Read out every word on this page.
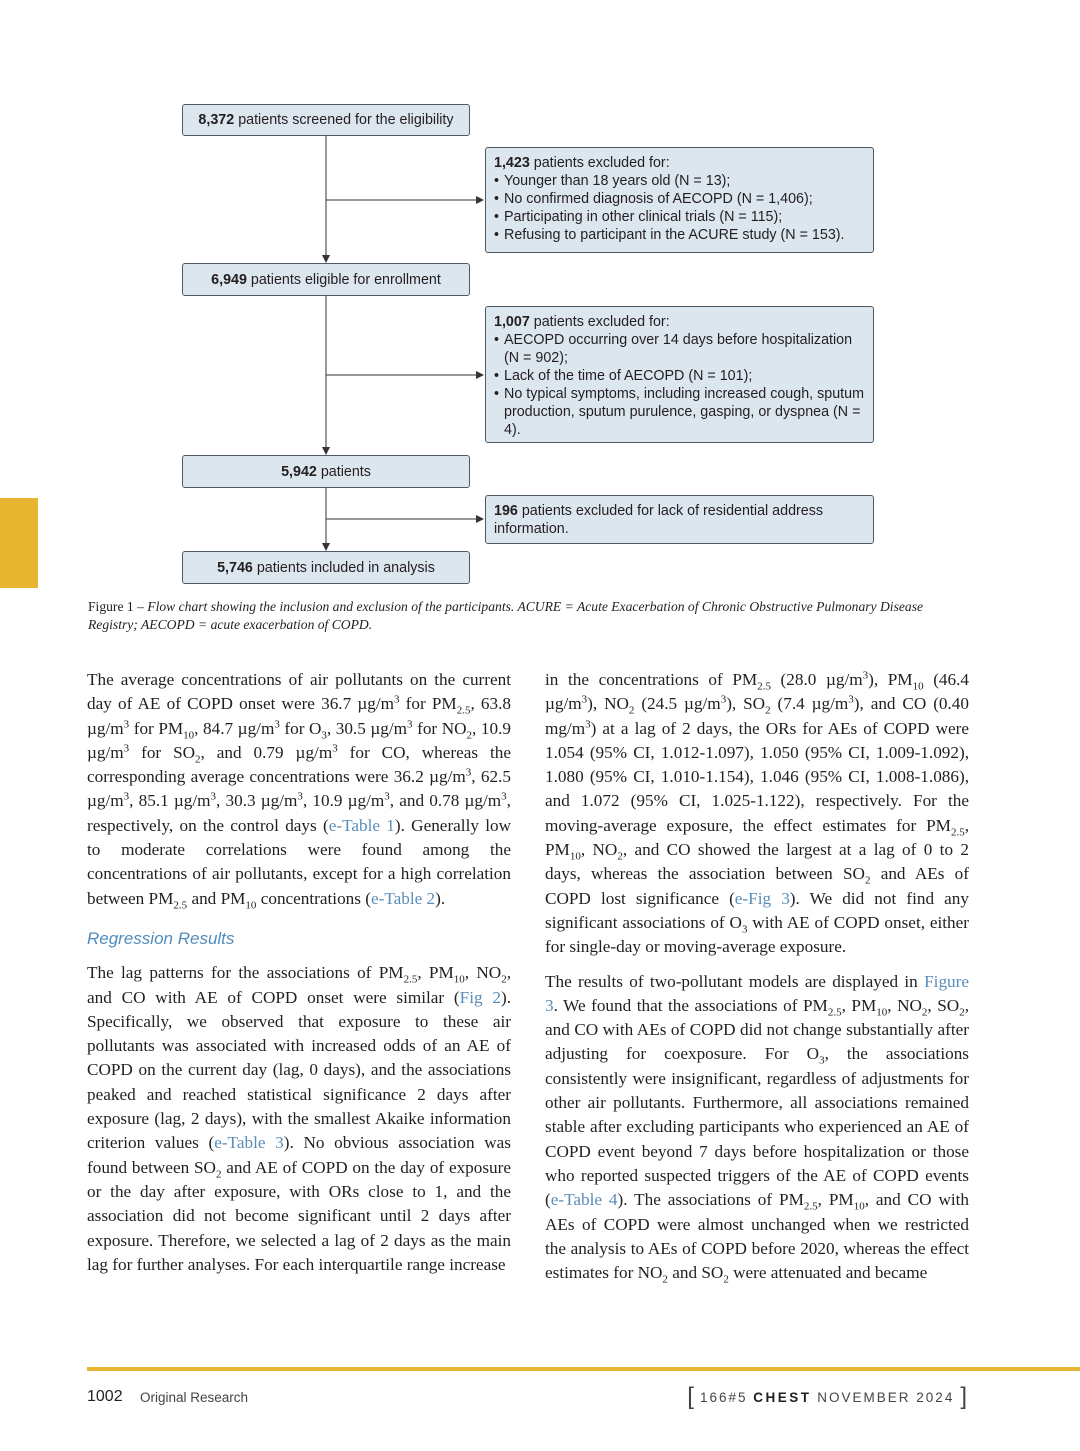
8,372 patients screened for the eligibility
1,423 patients excluded for:
• Younger than 18 years old (N = 13);
• No confirmed diagnosis of AECOPD (N = 1,406);
• Participating in other clinical trials (N = 115);
• Refusing to participant in the ACURE study (N = 153).
6,949 patients eligible for enrollment
1,007 patients excluded for:
• AECOPD occurring over 14 days before hospitalization (N = 902);
• Lack of the time of AECOPD (N = 101);
• No typical symptoms, including increased cough, sputum production, sputum purulence, gasping, or dyspnea (N = 4).
5,942 patients
196 patients excluded for lack of residential address information.
5,746 patients included in analysis
Figure 1 – Flow chart showing the inclusion and exclusion of the participants. ACURE = Acute Exacerbation of Chronic Obstructive Pulmonary Disease Registry; AECOPD = acute exacerbation of COPD.

The average concentrations of air pollutants on the current day of AE of COPD onset were 36.7 $\mu g/m^3$ for $PM_{2.5}$, 63.8 $\mu g/m^3$ for $PM_{10}$, 84.7 $\mu g/m^3$ for $O_3$, 30.5 $\mu g/m^3$ for $NO_2$, 10.9 $\mu g/m^3$ for $SO_2$, and 0.79 $\mu g/m^3$ for CO, whereas the corresponding average concentrations were 36.2 $\mu g/m^3$, 62.5 $\mu g/m^3$, 85.1 $\mu g/m^3$, 30.3 $\mu g/m^3$, 10.9 $\mu g/m^3$, and 0.78 $\mu g/m^3$, respectively, on the control days (e-Table 1). Generally low to moderate correlations were found among the concentrations of air pollutants, except for a high correlation between $PM_{2.5}$ and $PM_{10}$ concentrations (e-Table 2).

Regression Results

The lag patterns for the associations of $PM_{2.5}$, $PM_{10}$, $NO_2$, and CO with AE of COPD onset were similar (Fig 2). Specifically, we observed that exposure to these air pollutants was associated with increased odds of an AE of COPD on the current day (lag, 0 days), and the associations peaked and reached statistical significance 2 days after exposure (lag, 2 days), with the smallest Akaike information criterion values (e-Table 3). No obvious association was found between $SO_2$ and AE of COPD on the day of exposure or the day after exposure, with ORs close to 1, and the association did not become significant until 2 days after exposure. Therefore, we selected a lag of 2 days as the main lag for further analyses. For each interquartile range increase

in the concentrations of $PM_{2.5}$ (28.0 $\mu g/m^3$), $PM_{10}$ (46.4 $\mu g/m^3$), $NO_2$ (24.5 $\mu g/m^3$), $SO_2$ (7.4 $\mu g/m^3$), and CO (0.40 $mg/m^3$) at a lag of 2 days, the ORs for AEs of COPD were 1.054 (95% CI, 1.012-1.097), 1.050 (95% CI, 1.009-1.092), 1.080 (95% CI, 1.010-1.154), 1.046 (95% CI, 1.008-1.086), and 1.072 (95% CI, 1.025-1.122), respectively. For the moving-average exposure, the effect estimates for $PM_{2.5}$, $PM_{10}$, $NO_2$, and CO showed the largest at a lag of 0 to 2 days, whereas the association between $SO_2$ and AEs of COPD lost significance (e-Fig 3). We did not find any significant associations of $O_3$ with AE of COPD onset, either for single-day or moving-average exposure.

The results of two-pollutant models are displayed in Figure 3. We found that the associations of $PM_{2.5}$, $PM_{10}$, $NO_2$, $SO_2$, and CO with AEs of COPD did not change substantially after adjusting for coexposure. For $O_3$, the associations consistently were insignificant, regardless of adjustments for other air pollutants. Furthermore, all associations remained stable after excluding participants who experienced an AE of COPD event beyond 7 days before hospitalization or those who reported suspected triggers of the AE of COPD events (e-Table 4). The associations of $PM_{2.5}$, $PM_{10}$, and CO with AEs of COPD were almost unchanged when we restricted the analysis to AEs of COPD before 2020, whereas the effect estimates for $NO_2$ and $SO_2$ were attenuated and became

1002 Original Research	[ 166#5 CHEST NOVEMBER 2024 ]
